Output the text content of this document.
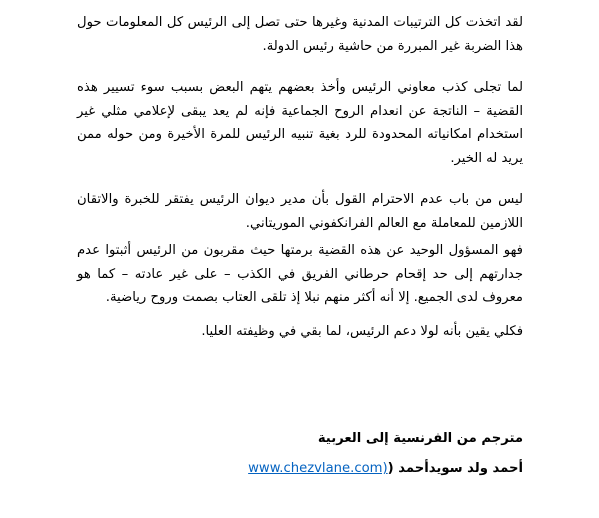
لقد اتخذت كل الترتيبات المدنية وغيرها حتى تصل إلى الرئيس كل المعلومات حول هذا الضربة غير المبررة من حاشية رئيس الدولة.

لما تجلى كذب معاوني الرئيس وأخذ بعضهم يتهم البعض بسبب سوء تسيير هذه القضية – الناتجة عن انعدام الروح الجماعية فإنه لم يعد يبقى لإعلامي مثلي غير استخدام امكانياته المحدودة للرد بغية تنبيه الرئيس للمرة الأخيرة ومن حوله ممن يريد له الخير.

ليس من باب عدم الاحترام القول بأن مدير ديوان الرئيس يفتقر للخبرة والاتقان اللازمين للمعاملة مع العالم الفرانكفوني الموريتاني.

فهو المسؤول الوحيد عن هذه القضية برمتها حيث مقربون من الرئيس أثبتوا عدم جدارتهم إلى حد إقحام حرطاني الفريق في الكذب – على غير عادته – كما هو معروف لدى الجميع. إلا أنه أكثر منهم نبلا إذ تلقى العتاب بصمت وروح رياضية.

فكلي يقين بأنه لولا دعم الرئيس، لما بقي في وظيفته العليا.

مترجم من الفرنسية إلى العربية
أحمد ولد سويدأحمد (www.chezvlane.com)
